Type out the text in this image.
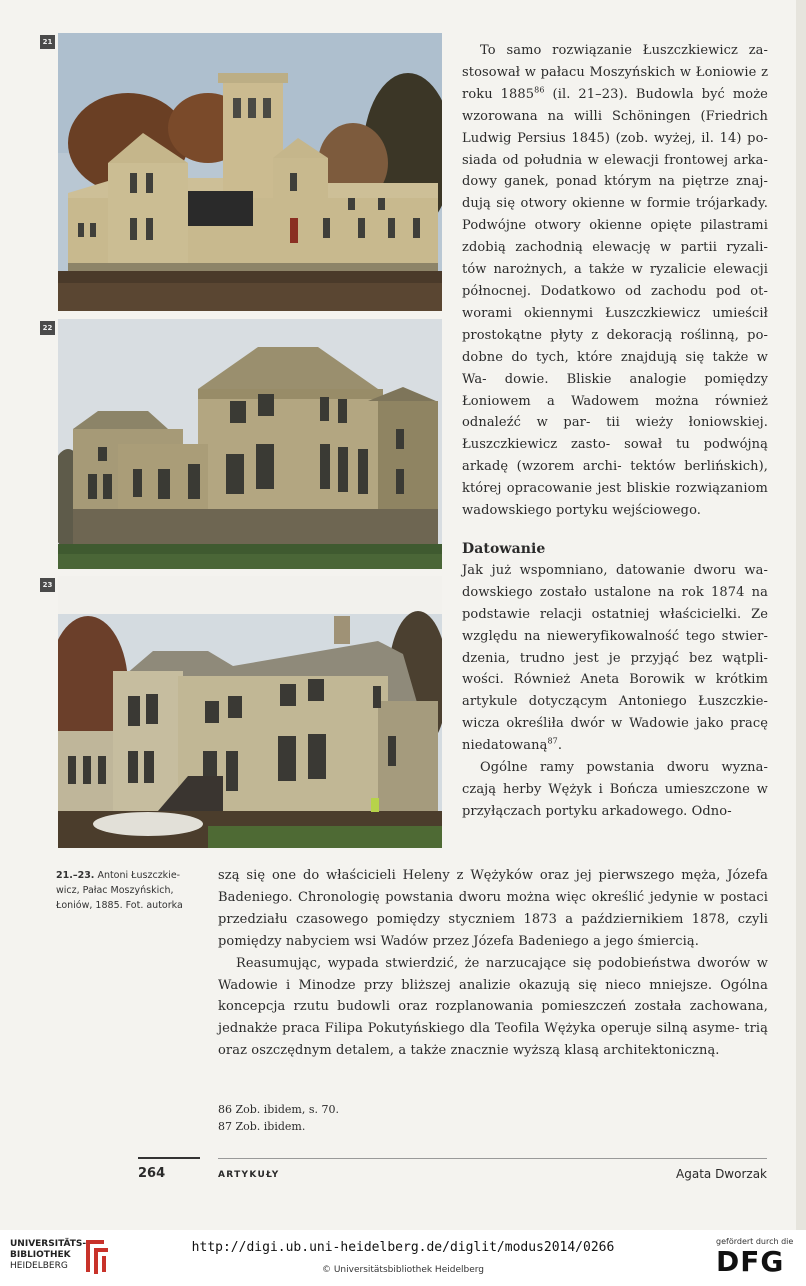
21
22
23

To samo rozwiązanie Łuszczkiewicz za- stosował w pałacu Moszyńskich w Łoniowie z roku 1885$^{86}$ (il. 21–23). Budowla być może wzorowana na willi Schöningen (Friedrich Ludwig Persius 1845) (zob. wyżej, il. 14) po- siada od południa w elewacji frontowej arka- dowy ganek, ponad którym na piętrze znaj- dują się otwory okienne w formie trójarkady. Podwójne otwory okienne opięte pilastrami zdobią zachodnią elewację w partii ryzali- tów narożnych, a także w ryzalicie elewacji północnej. Dodatkowo od zachodu pod ot- worami okiennymi Łuszczkiewicz umieścił prostokątne płyty z dekoracją roślinną, po- dobne do tych, które znajdują się także w Wa- dowie. Bliskie analogie pomiędzy Łoniowem a Wadowem można również odnaleźć w par- tii wieży łoniowskiej. Łuszczkiewicz zasto- sował tu podwójną arkadę (wzorem archi- tektów berlińskich), której opracowanie jest bliskie rozwiązaniom wadowskiego portyku wejściowego.

Datowanie

Jak już wspomniano, datowanie dworu wa- dowskiego zostało ustalone na rok 1874 na podstawie relacji ostatniej właścicielki. Ze względu na nieweryfikowalność tego stwier- dzenia, trudno jest je przyjąć bez wątpli- wości. Również Aneta Borowik w krótkim artykule dotyczącym Antoniego Łuszczkie- wicza określiła dwór w Wadowie jako pracę niedatowaną$^{87}$.

Ogólne ramy powstania dworu wyzna- czają herby Wężyk i Bończa umieszczone w przyłączach portyku arkadowego. Odno-

21.–23. Antoni Łuszczkie-
wicz, Pałac Moszyńskich,
Łoniów, 1885. Fot. autorka

szą się one do właścicieli Heleny z Wężyków oraz jej pierwszego męża, Józefa Badeniego. Chronologię powstania dworu można więc określić jedynie w postaci przedziału czasowego pomiędzy styczniem 1873 a październikiem 1878, czyli pomiędzy nabyciem wsi Wadów przez Józefa Badeniego a jego śmiercią.

Reasumując, wypada stwierdzić, że narzucające się podobieństwa dworów w Wadowie i Minodze przy bliższej analizie okazują się nieco mniejsze. Ogólna koncepcja rzutu budowli oraz rozplanowania pomieszczeń została zachowana, jednakże praca Filipa Pokutyńskiego dla Teofila Wężyka operuje silną asyme- trią oraz oszczędnym detalem, a także znacznie wyższą klasą architektoniczną.

86 Zob. ibidem, s. 70.
87 Zob. ibidem.
264	ARTYKUŁY	Agata Dworzak
UNIVERSITÄTS-
BIBLIOTHEK
HEIDELBERG
http://digi.ub.uni-heidelberg.de/diglit/modus2014/0266
© Universitätsbibliothek Heidelberg
gefördert durch die
DFG
